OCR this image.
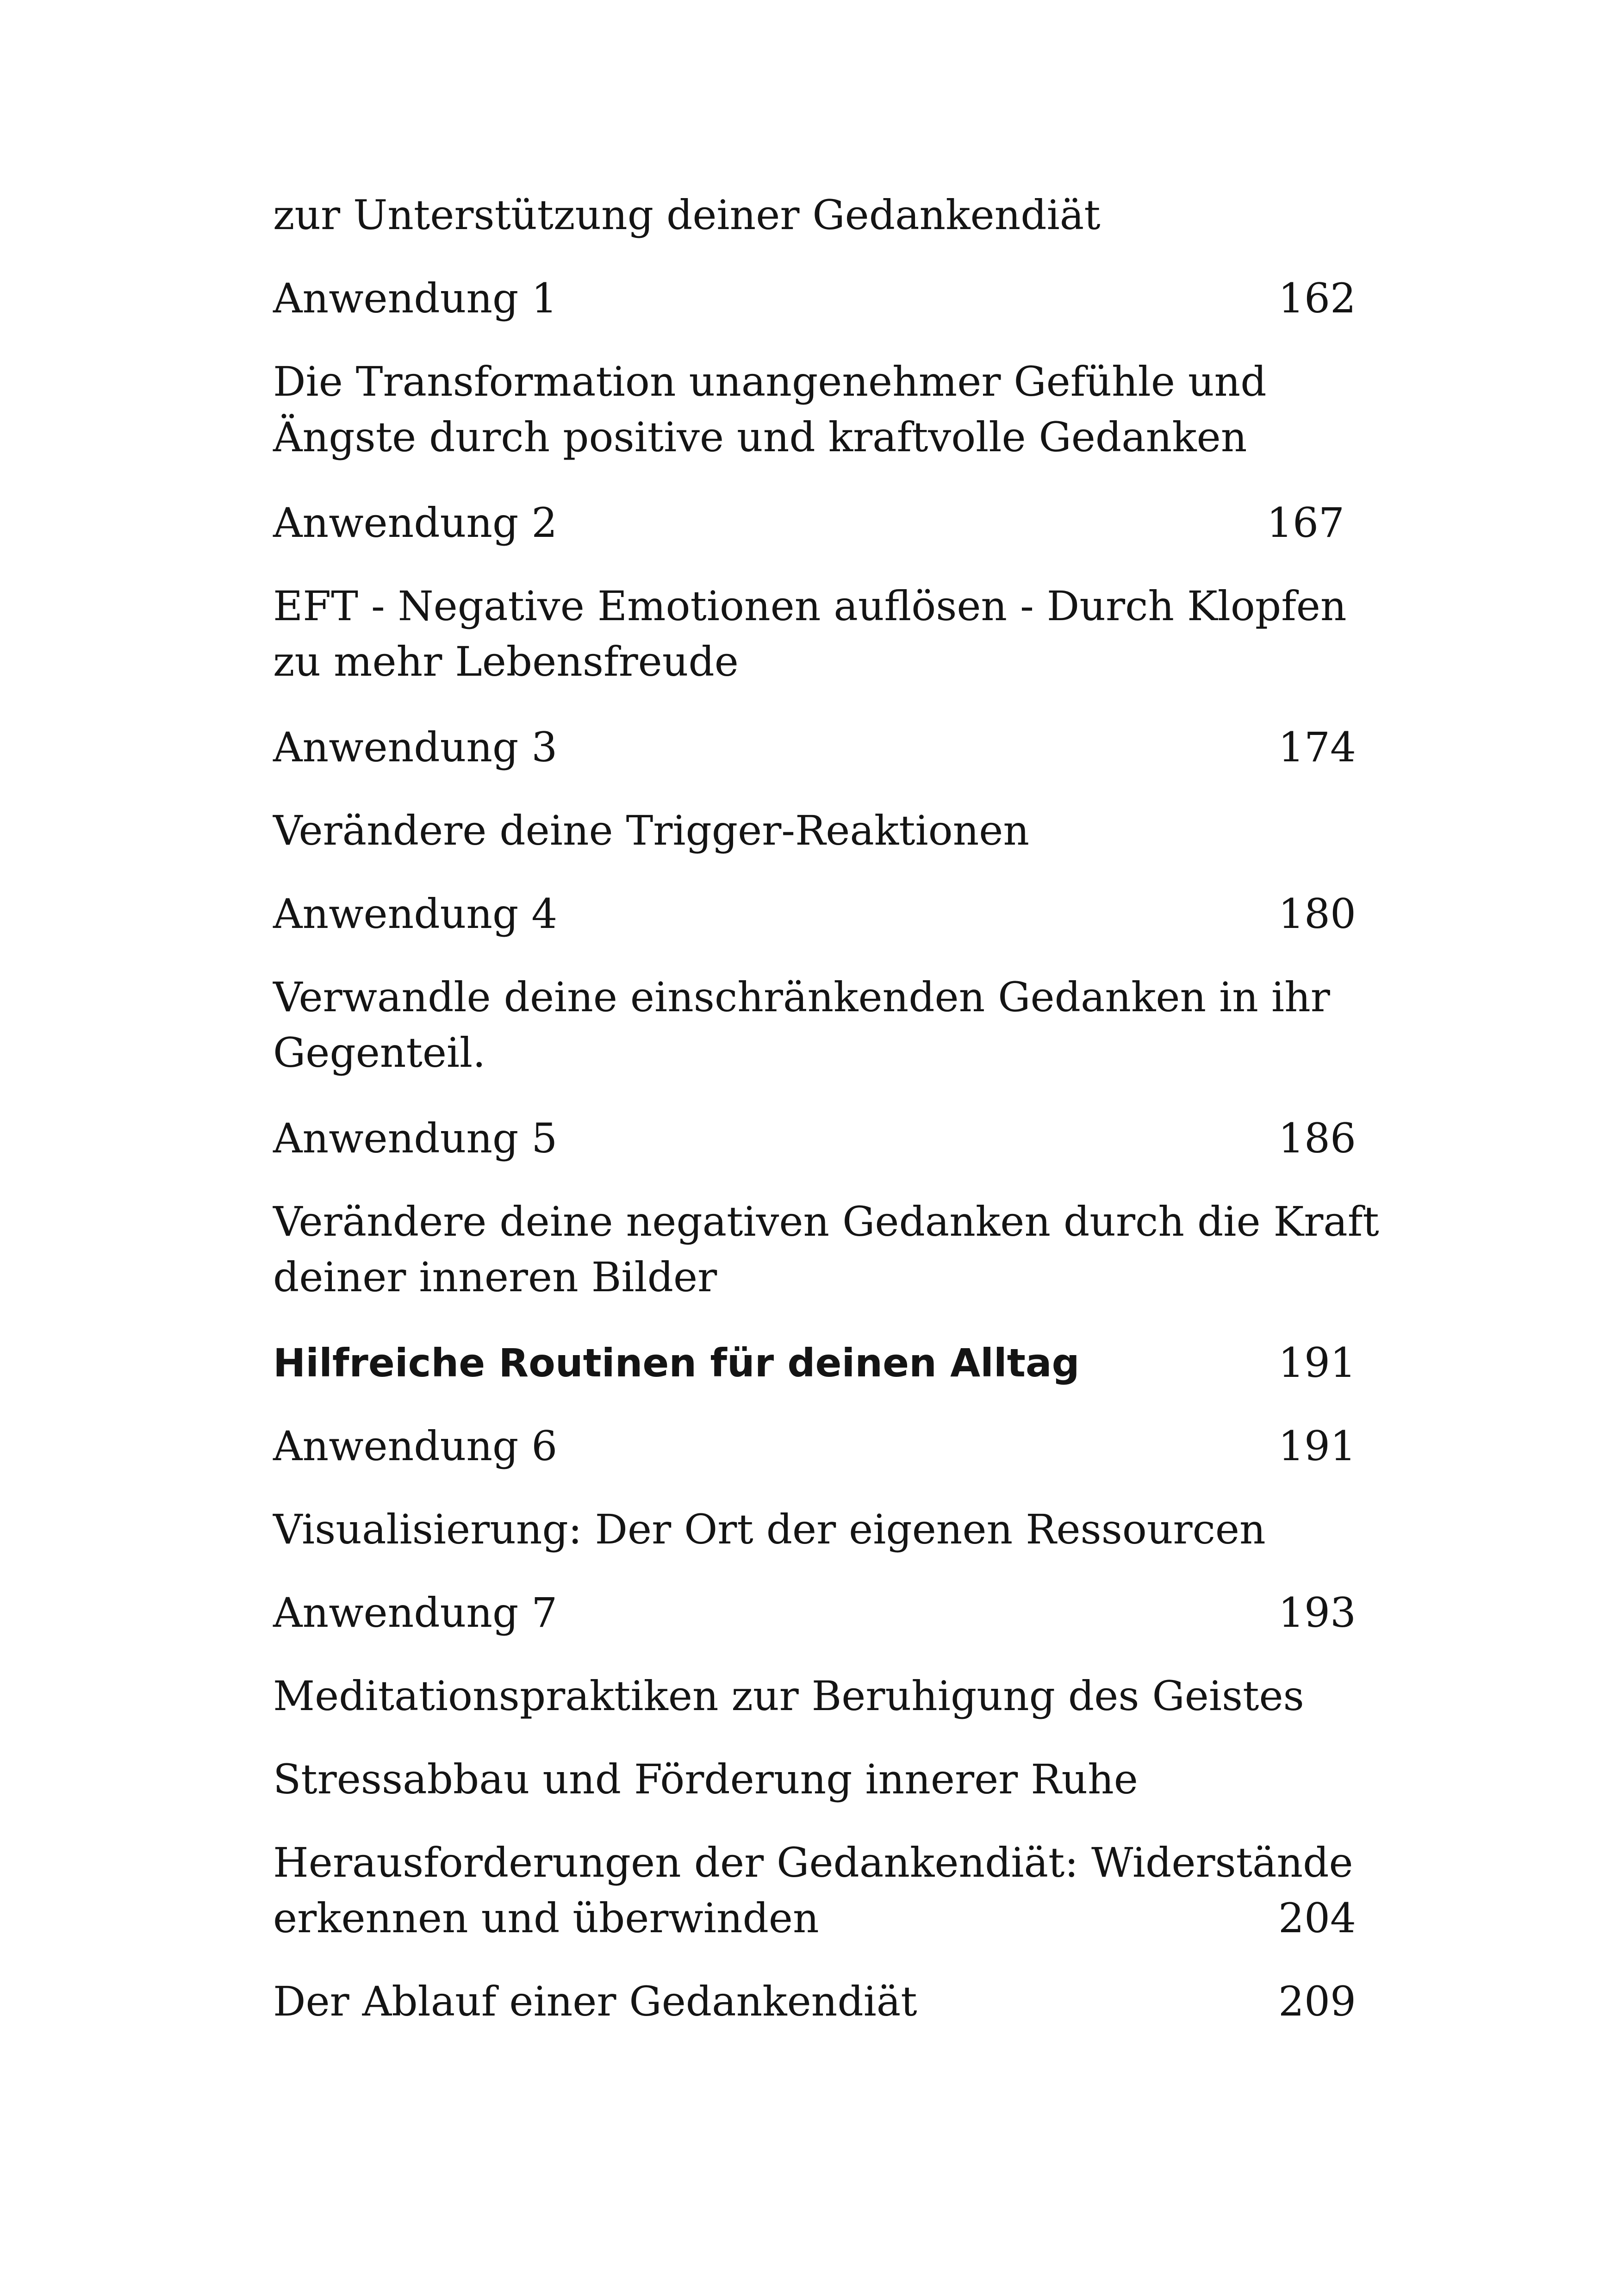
zur Unterstützung deiner Gedankendiät
Anwendung 1	162
Die Transformation unangenehmer Gefühle und
Ängste durch positive und kraftvolle Gedanken
Anwendung 2	167
EFT - Negative Emotionen auflösen - Durch Klopfen
zu mehr Lebensfreude
Anwendung 3	174
Verändere deine Trigger-Reaktionen
Anwendung 4	180
Verwandle deine einschränkenden Gedanken in ihr
Gegenteil.
Anwendung 5	186
Verändere deine negativen Gedanken durch die Kraft
deiner inneren Bilder
Hilfreiche Routinen für deinen Alltag	191
Anwendung 6	191
Visualisierung: Der Ort der eigenen Ressourcen
Anwendung 7	193
Meditationspraktiken zur Beruhigung des Geistes
Stressabbau und Förderung innerer Ruhe
Herausforderungen der Gedankendiät: Widerstände
erkennen und überwinden	204
Der Ablauf einer Gedankendiät	209
